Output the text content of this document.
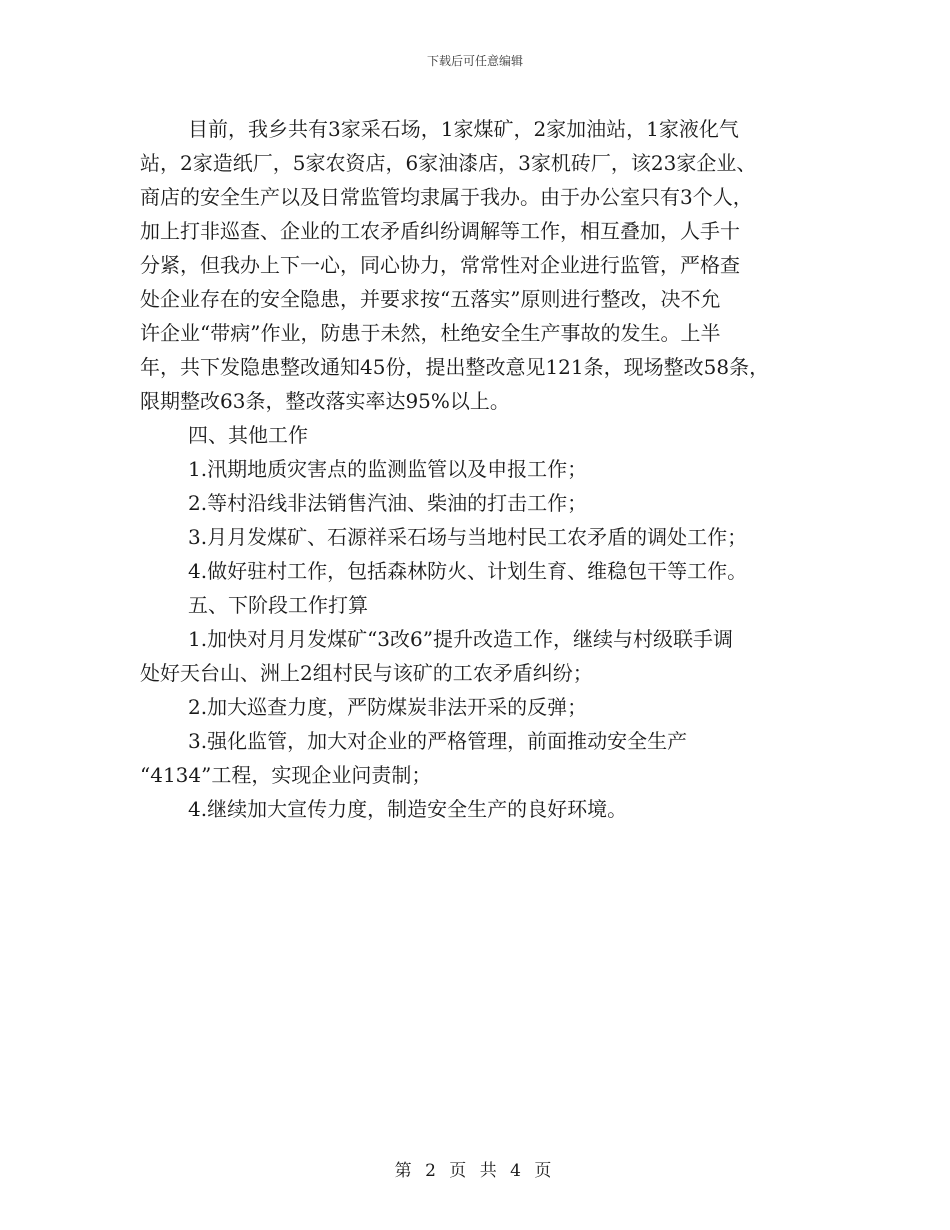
下载后可任意编辑
目前，我乡共有3家采石场，1家煤矿，2家加油站，1家液化气
站，2家造纸厂，5家农资店，6家油漆店，3家机砖厂，该23家企业、
商店的安全生产以及日常监管均隶属于我办。由于办公室只有3个人，
加上打非巡查、企业的工农矛盾纠纷调解等工作，相互叠加，人手十
分紧，但我办上下一心，同心协力，常常性对企业进行监管，严格查
处企业存在的安全隐患，并要求按“五落实”原则进行整改，决不允
许企业“带病”作业，防患于未然，杜绝安全生产事故的发生。上半
年，共下发隐患整改通知45份，提出整改意见121条，现场整改58条，
限期整改63条，整改落实率达95%以上。
四、其他工作
1.汛期地质灾害点的监测监管以及申报工作；
2.等村沿线非法销售汽油、柴油的打击工作；
3.月月发煤矿、石源祥采石场与当地村民工农矛盾的调处工作；
4.做好驻村工作，包括森林防火、计划生育、维稳包干等工作。
五、下阶段工作打算
1.加快对月月发煤矿“3改6”提升改造工作，继续与村级联手调
处好天台山、洲上2组村民与该矿的工农矛盾纠纷；
2.加大巡查力度，严防煤炭非法开采的反弹；
3.强化监管，加大对企业的严格管理，前面推动安全生产
“4134”工程，实现企业问责制；
4.继续加大宣传力度，制造安全生产的良好环境。
第 2 页 共 4 页
